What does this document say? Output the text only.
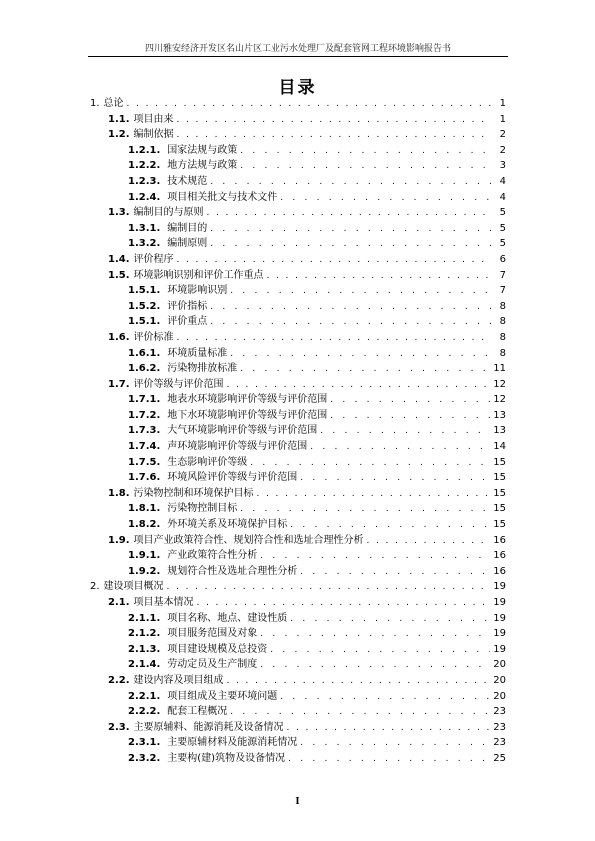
四川雅安经济开发区名山片区工业污水处理厂及配套管网工程环境影响报告书
目录
1. 总论 . . .	1
1.1. 项目由来 . . .	1
1.2. 编制依据 . . .	2
1.2.1. 国家法规与政策 . . .	2
1.2.2. 地方法规与政策 . . .	3
1.2.3. 技术规范 . . .	4
1.2.4. 项目相关批文与技术文件 . . .	4
1.3. 编制目的与原则 . . .	5
1.3.1. 编制目的 . . .	5
1.3.2. 编制原则 . . .	5
1.4. 评价程序 . . .	6
1.5. 环境影响识别和评价工作重点 . . .	7
1.5.1. 环境影响识别 . . .	7
1.5.2. 评价指标 . . .	8
1.5.1. 评价重点 . . .	8
1.6. 评价标准 . . .	8
1.6.1. 环境质量标准 . . .	8
1.6.2. 污染物排放标准 . . .	11
1.7. 评价等级与评价范围 . . .	12
1.7.1. 地表水环境影响评价等级与评价范围 . . .	12
1.7.2. 地下水环境影响评价等级与评价范围 . . .	13
1.7.3. 大气环境影响评价等级与评价范围 . . .	13
1.7.4. 声环境影响评价等级与评价范围 . . .	14
1.7.5. 生态影响评价等级 . . .	15
1.7.6. 环境风险评价等级与评价范围 . . .	15
1.8. 污染物控制和环境保护目标 . . .	15
1.8.1. 污染物控制目标 . . .	15
1.8.2. 外环境关系及环境保护目标 . . .	15
1.9. 项目产业政策符合性、规划符合性和选址合理性分析 . . .	16
1.9.1. 产业政策符合性分析 . . .	16
1.9.2. 规划符合性及选址合理性分析 . . .	16
2. 建设项目概况 . . .	19
2.1. 项目基本情况 . . .	19
2.1.1. 项目名称、地点、建设性质 . . .	19
2.1.2. 项目服务范围及对象 . . .	19
2.1.3. 项目建设规模及总投资 . . .	19
2.1.4. 劳动定员及生产制度 . . .	20
2.2. 建设内容及项目组成 . . .	20
2.2.1. 项目组成及主要环境问题 . . .	20
2.2.2. 配套工程概况 . . .	23
2.3. 主要原辅料、能源消耗及设备情况 . . .	23
2.3.1. 主要原辅材料及能源消耗情况 . . .	23
2.3.2. 主要构(建)筑物及设备情况 . . .	25
I
